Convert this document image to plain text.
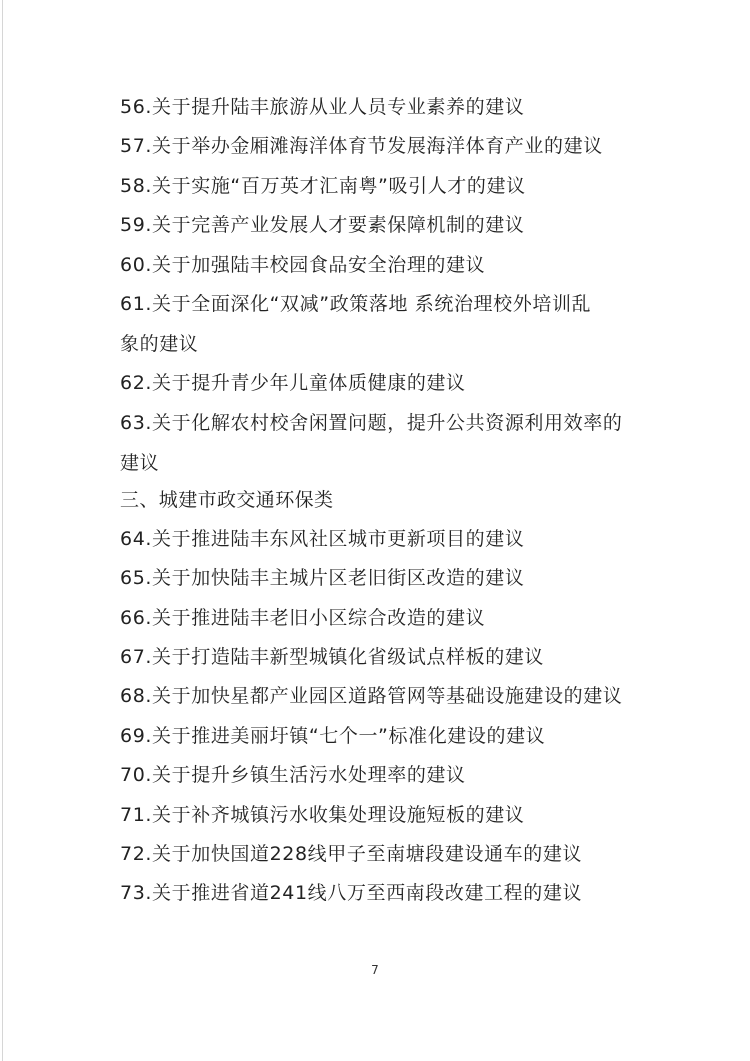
56.关于提升陆丰旅游从业人员专业素养的建议
57.关于举办金厢滩海洋体育节发展海洋体育产业的建议
58.关于实施“百万英才汇南粤”吸引人才的建议
59.关于完善产业发展人才要素保障机制的建议
60.关于加强陆丰校园食品安全治理的建议
61.关于全面深化“双减”政策落地 系统治理校外培训乱
象的建议
62.关于提升青少年儿童体质健康的建议
63.关于化解农村校舍闲置问题，提升公共资源利用效率的
建议
三、城建市政交通环保类
64.关于推进陆丰东风社区城市更新项目的建议
65.关于加快陆丰主城片区老旧街区改造的建议
66.关于推进陆丰老旧小区综合改造的建议
67.关于打造陆丰新型城镇化省级试点样板的建议
68.关于加快星都产业园区道路管网等基础设施建设的建议
69.关于推进美丽圩镇“七个一”标准化建设的建议
70.关于提升乡镇生活污水处理率的建议
71.关于补齐城镇污水收集处理设施短板的建议
72.关于加快国道228线甲子至南塘段建设通车的建议
73.关于推进省道241线八万至西南段改建工程的建议
7
